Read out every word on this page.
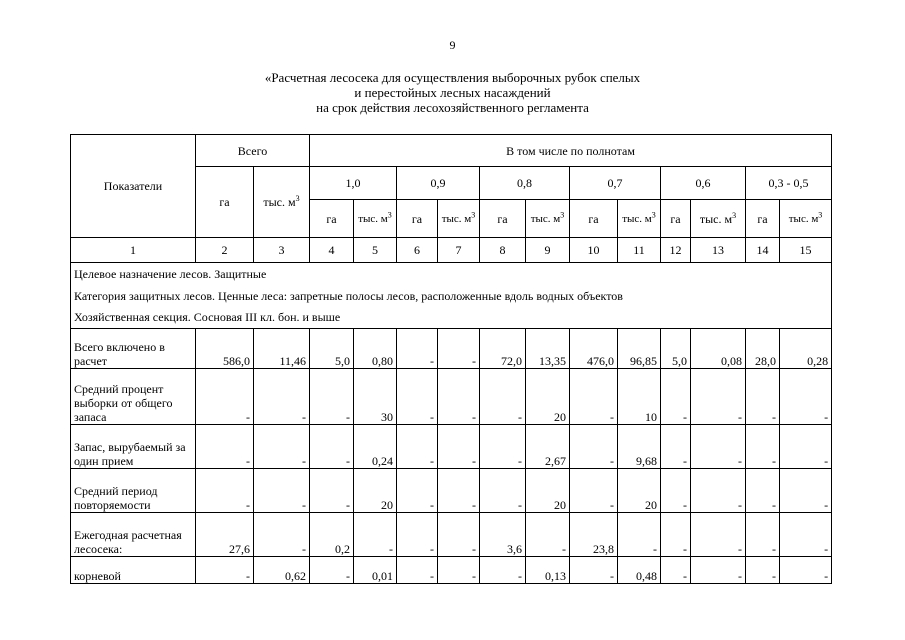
9
«Расчетная лесосека для осуществления выборочных рубок спелых
и перестойных лесных насаждений
на срок действия лесохозяйственного регламента
Показатели	Всего		В том числе по полнотам											
	га	тыс. $м^3$	1,0		0,9		0,8		0,7		0,6		0,3 - 0,5	
			га	тыс. $м^3$	га	тыс. $м^3$	га	тыс. $м^3$	га	тыс. $м^3$	га	тыс. $м^3$	га	тыс. $м^3$
1	2	3	4	5	6	7	8	9	10	11	12	13	14	15
Целевое назначение лесов. Защитные														
Категория защитных лесов. Ценные леса: запретные полосы лесов, расположенные вдоль водных объектов														
Хозяйственная секция. Сосновая III кл. бон. и выше														
Всего включено в расчет	586,0	11,46	5,0	0,80	-	-	72,0	13,35	476,0	96,85	5,0	0,08	28,0	0,28
Средний процент выборки от общего запаса	-	-	-	30	-	-	-	20	-	10	-	-	-	-
Запас, вырубаемый за один прием	-	-	-	0,24	-	-	-	2,67	-	9,68	-	-	-	-
Средний период повторяемости	-	-	-	20	-	-	-	20	-	20	-	-	-	-
Ежегодная расчетная лесосека:	27,6	-	0,2	-	-	-	3,6	-	23,8	-	-	-	-	-
корневой	-	0,62	-	0,01	-	-	-	0,13	-	0,48	-	-	-	-
